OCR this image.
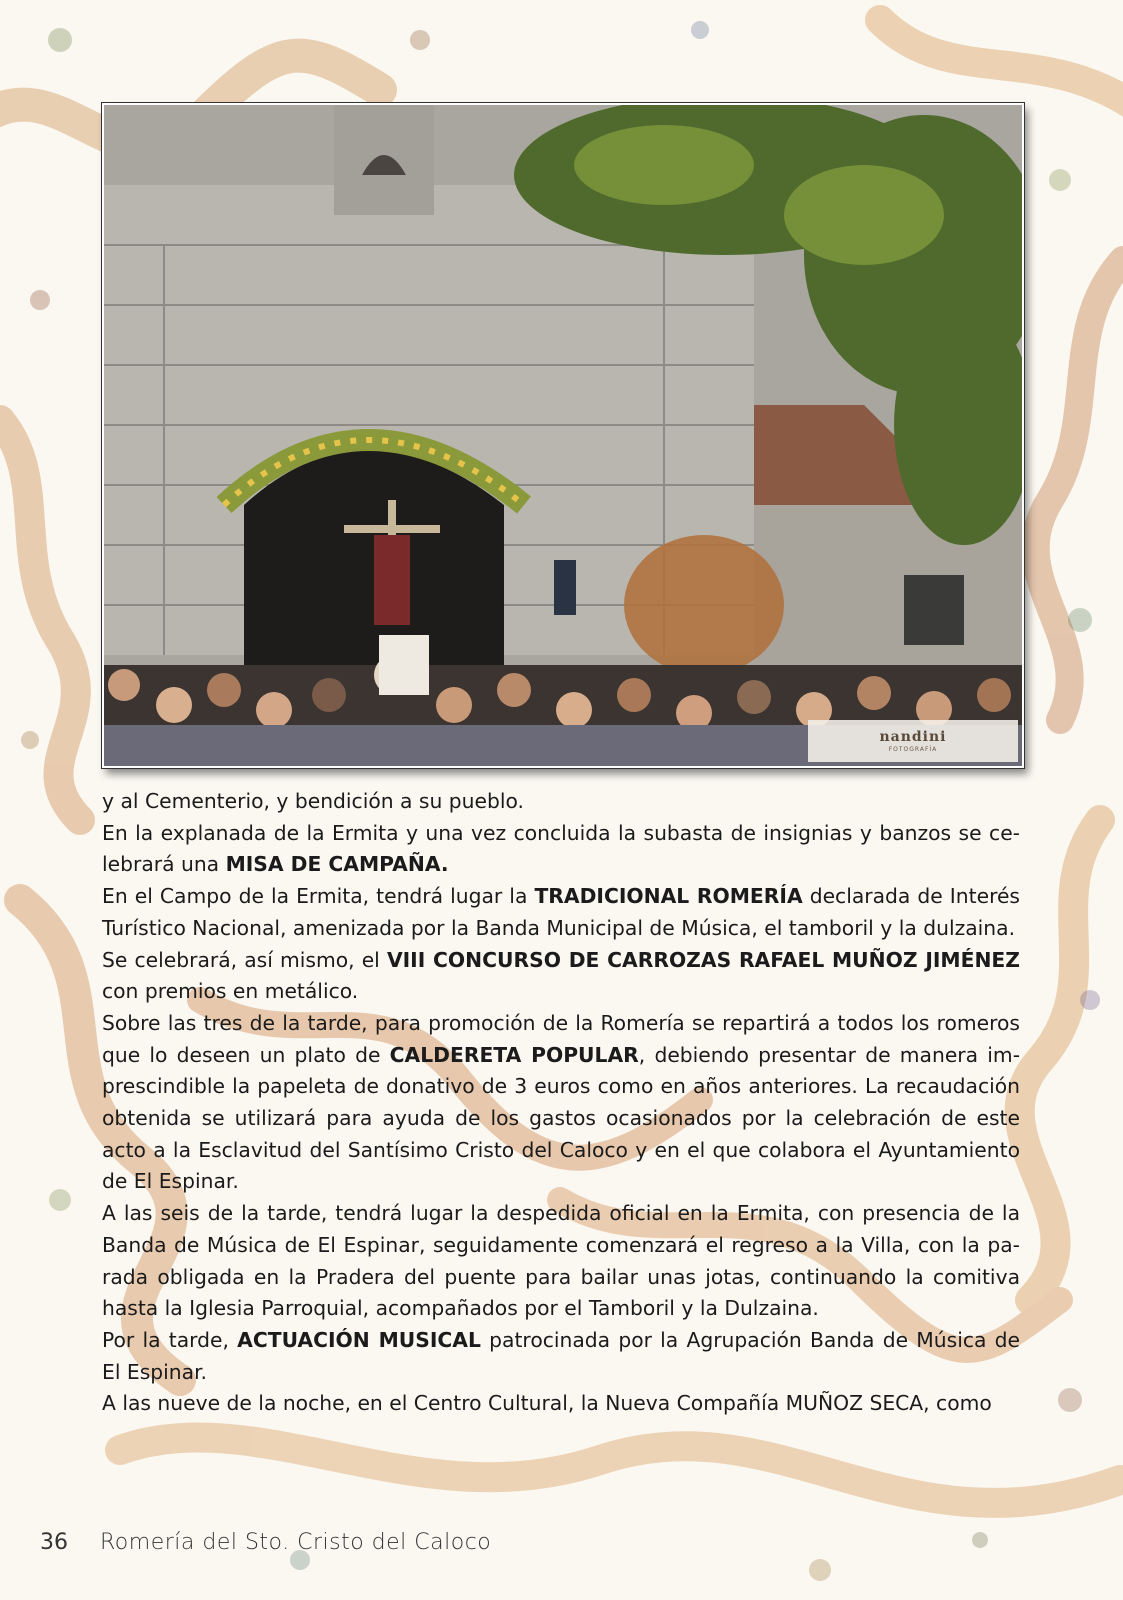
nandini
FOTOGRAFÍA

y al Cementerio, y bendición a su pueblo.

En la explanada de la Ermita y una vez concluida la subasta de insignias y banzos se celebrará una MISA DE CAMPAÑA.

En el Campo de la Ermita, tendrá lugar la TRADICIONAL ROMERÍA declarada de Interés Turístico Nacional, amenizada por la Banda Municipal de Música, el tamboril y la dulzaina.

Se celebrará, así mismo, el VIII CONCURSO DE CARROZAS RAFAEL MUÑOZ JIMÉNEZ con premios en metálico.

Sobre las tres de la tarde, para promoción de la Romería se repartirá a todos los romeros que lo deseen un plato de CALDERETA POPULAR, debiendo presentar de manera imprescindible la papeleta de donativo de 3 euros como en años anteriores. La recaudación obtenida se utilizará para ayuda de los gastos ocasionados por la celebración de este acto a la Esclavitud del Santísimo Cristo del Caloco y en el que colabora el Ayuntamiento de El Espinar.

A las seis de la tarde, tendrá lugar la despedida oficial en la Ermita, con presencia de la Banda de Música de El Espinar, seguidamente comenzará el regreso a la Villa, con la parada obligada en la Pradera del puente para bailar unas jotas, continuando la comitiva hasta la Iglesia Parroquial, acompañados por el Tamboril y la Dulzaina.

Por la tarde, ACTUACIÓN MUSICAL patrocinada por la Agrupación Banda de Música de El Espinar.

A las nueve de la noche, en el Centro Cultural, la Nueva Compañía MUÑOZ SECA, como

36	Romería del Sto. Cristo del Caloco
